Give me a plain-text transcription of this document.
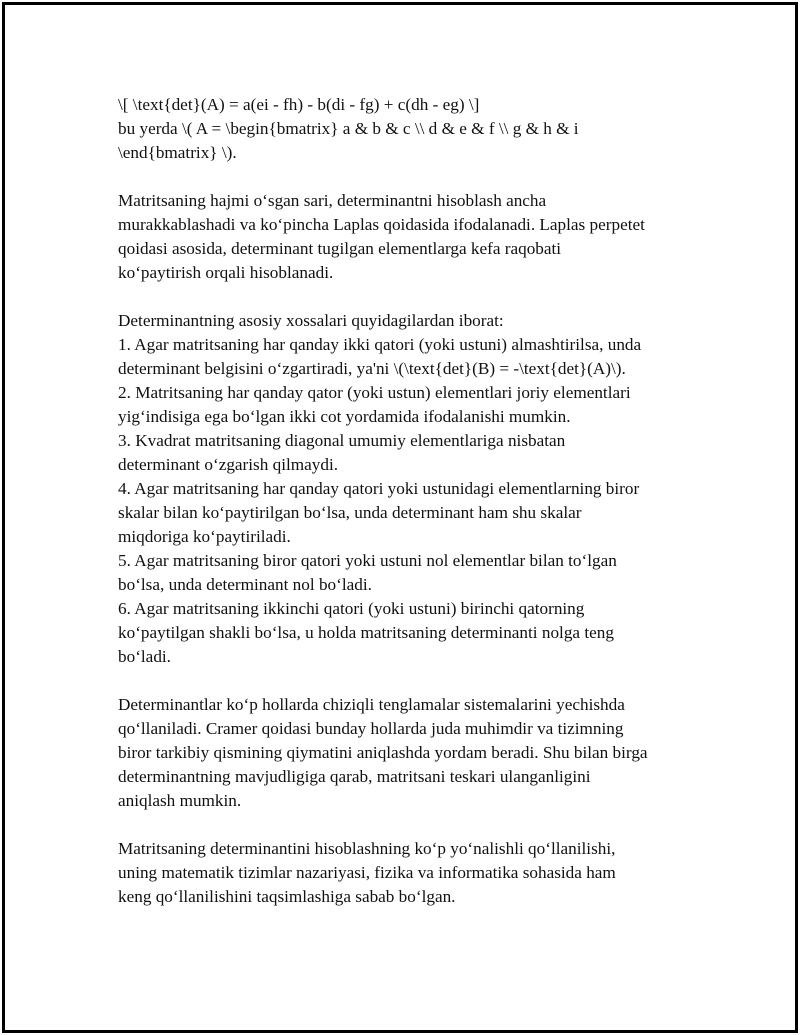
\[ \text{det}(A) = a(ei - fh) - b(di - fg) + c(dh - eg) \]
bu yerda \( A = \begin{bmatrix} a & b & c \\ d & e & f \\ g & h & i
\end{bmatrix} \).
Matritsaning hajmi o‘sgan sari, determinantni hisoblash ancha
murakkablashadi va ko‘pincha Laplas qoidasida ifodalanadi. Laplas perpetet
qoidasi asosida, determinant tugilgan elementlarga kefa raqobati
ko‘paytirish orqali hisoblanadi.
Determinantning asosiy xossalari quyidagilardan iborat:
1. Agar matritsaning har qanday ikki qatori (yoki ustuni) almashtirilsa, unda
determinant belgisini o‘zgartiradi, ya'ni \(\text{det}(B) = -\text{det}(A)\).
2. Matritsaning har qanday qator (yoki ustun) elementlari joriy elementlari
yig‘indisiga ega bo‘lgan ikki cot yordamida ifodalanishi mumkin.
3. Kvadrat matritsaning diagonal umumiy elementlariga nisbatan
determinant o‘zgarish qilmaydi.
4. Agar matritsaning har qanday qatori yoki ustunidagi elementlarning biror
skalar bilan ko‘paytirilgan bo‘lsa, unda determinant ham shu skalar
miqdoriga ko‘paytiriladi.
5. Agar matritsaning biror qatori yoki ustuni nol elementlar bilan to‘lgan
bo‘lsa, unda determinant nol bo‘ladi.
6. Agar matritsaning ikkinchi qatori (yoki ustuni) birinchi qatorning
ko‘paytilgan shakli bo‘lsa, u holda matritsaning determinanti nolga teng
bo‘ladi.
Determinantlar ko‘p hollarda chiziqli tenglamalar sistemalarini yechishda
qo‘llaniladi. Cramer qoidasi bunday hollarda juda muhimdir va tizimning
biror tarkibiy qismining qiymatini aniqlashda yordam beradi. Shu bilan birga
determinantning mavjudligiga qarab, matritsani teskari ulanganligini
aniqlash mumkin.
Matritsaning determinantini hisoblashning ko‘p yo‘nalishli qo‘llanilishi,
uning matematik tizimlar nazariyasi, fizika va informatika sohasida ham
keng qo‘llanilishini taqsimlashiga sabab bo‘lgan.
